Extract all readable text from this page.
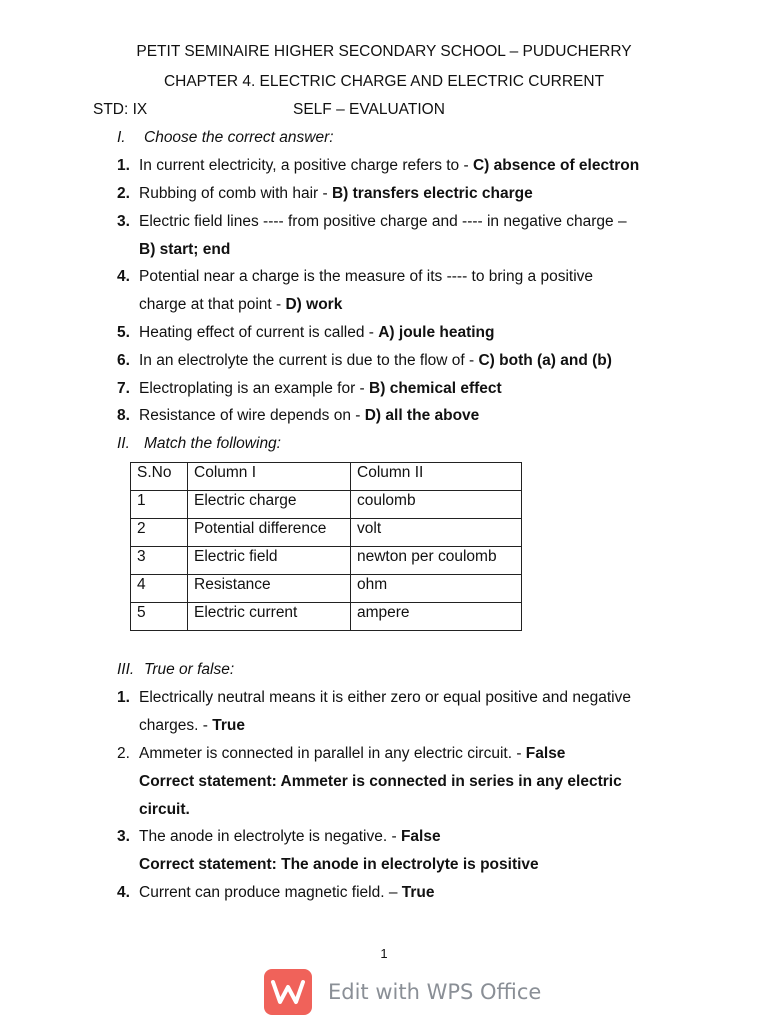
PETIT SEMINAIRE HIGHER SECONDARY SCHOOL – PUDUCHERRY
CHAPTER 4. ELECTRIC CHARGE AND ELECTRIC CURRENT
STD: IX	SELF – EVALUATION
I. Choose the correct answer:
1. In current electricity, a positive charge refers to - C) absence of electron
2. Rubbing of comb with hair - B) transfers electric charge
3. Electric field lines ---- from positive charge and ---- in negative charge –
B) start; end
4. Potential near a charge is the measure of its ---- to bring a positive
charge at that point - D) work
5. Heating effect of current is called - A) joule heating
6. In an electrolyte the current is due to the flow of - C) both (a) and (b)
7. Electroplating is an example for - B) chemical effect
8. Resistance of wire depends on - D) all the above
II. Match the following:
S.No	Column I	Column II
1	Electric charge	coulomb
2	Potential difference	volt
3	Electric field	newton per coulomb
4	Resistance	ohm
5	Electric current	ampere
III. True or false:
1. Electrically neutral means it is either zero or equal positive and negative
charges. - True
2. Ammeter is connected in parallel in any electric circuit. - False
Correct statement: Ammeter is connected in series in any electric
circuit.
3. The anode in electrolyte is negative. - False
Correct statement: The anode in electrolyte is positive
4. Current can produce magnetic field. – True
1
Edit with WPS Office
